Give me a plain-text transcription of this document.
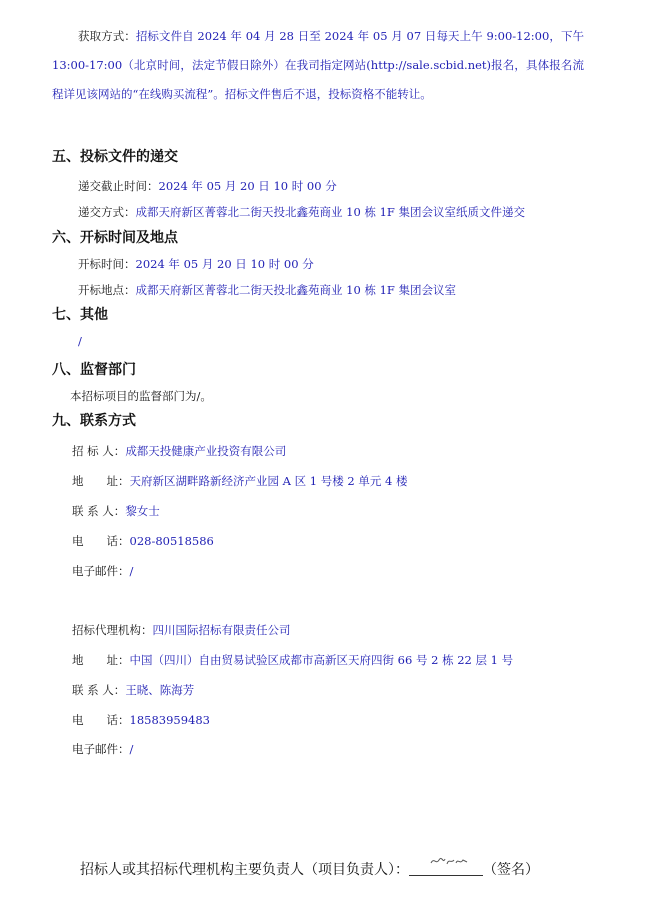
获取方式：招标文件自 2024 年 04 月 28 日至 2024 年 05 月 07 日每天上午 9:00-12:00，下午 13:00-17:00（北京时间，法定节假日除外）在我司指定网站(http://sale.scbid.net)报名，具体报名流程详见该网站的“在线购买流程”。招标文件售后不退，投标资格不能转让。
五、投标文件的递交
递交截止时间：2024 年 05 月 20 日 10 时 00 分
递交方式：成都天府新区菁蓉北二街天投北鑫苑商业 10 栋 1F 集团会议室纸质文件递交
六、开标时间及地点
开标时间：2024 年 05 月 20 日 10 时 00 分
开标地点：成都天府新区菁蓉北二街天投北鑫苑商业 10 栋 1F 集团会议室
七、其他
/
八、监督部门
本招标项目的监督部门为/。
九、联系方式
招 标 人：成都天投健康产业投资有限公司
地　　址：天府新区湖畔路新经济产业园 A 区 1 号楼 2 单元 4 楼
联 系 人：黎女士
电　　话：028-80518586
电子邮件：/
招标代理机构：四川国际招标有限责任公司
地　　址：中国（四川）自由贸易试验区成都市高新区天府四街 66 号 2 栋 22 层 1 号
联 系 人：王晓、陈海芳
电　　话：18583959483
电子邮件：/
招标人或其招标代理机构主要负责人（项目负责人）：	（签名）
